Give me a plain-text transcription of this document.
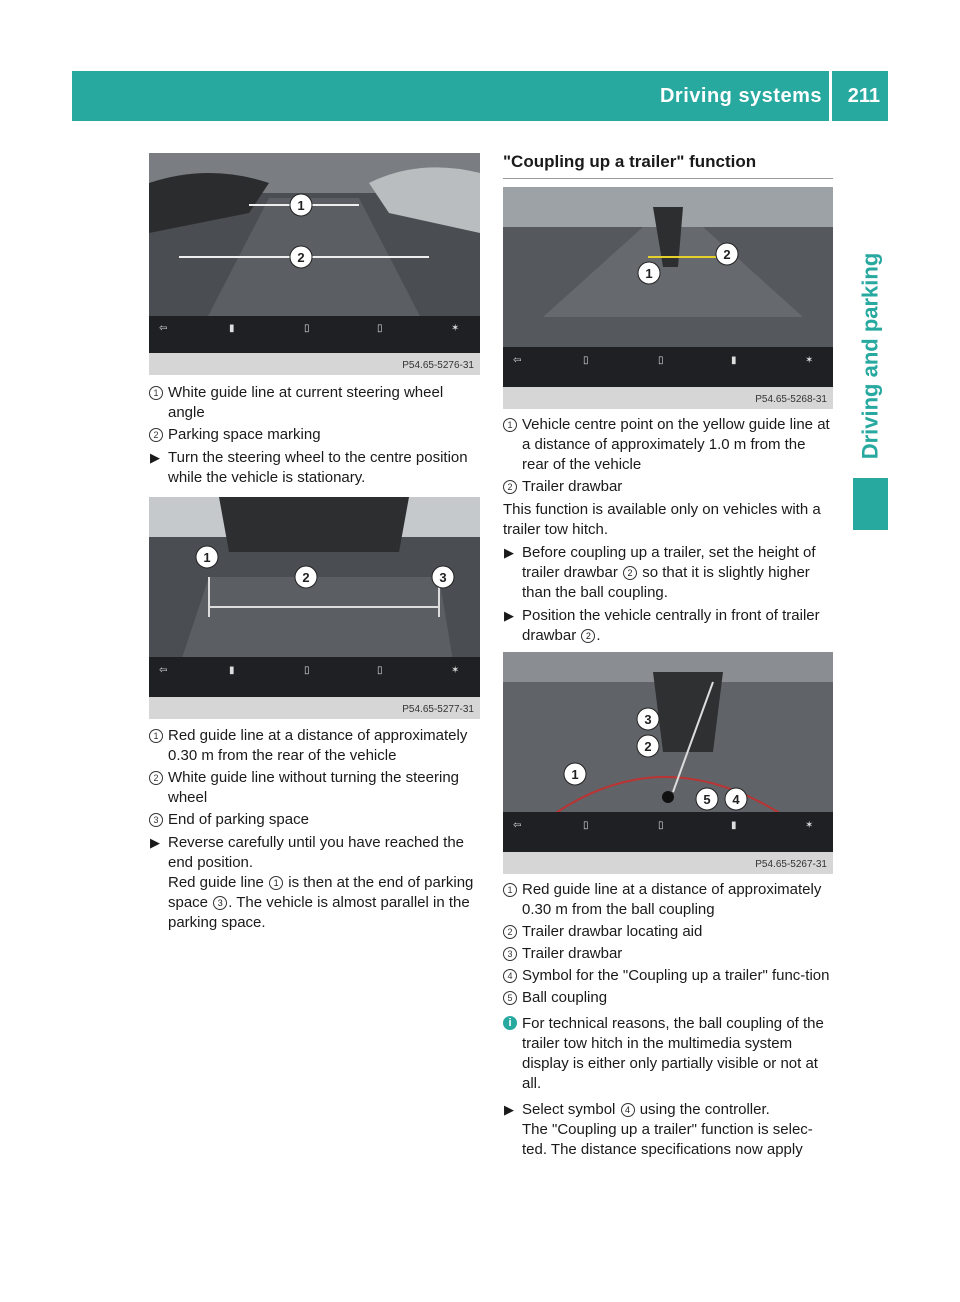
Driving systems 211
Driving and parking
1
2
⇦	▮	▯	▯	✶
P54.65-5276-31
1 White guide line at current steering wheel angle
2 Parking space marking
▶ Turn the steering wheel to the centre position while the vehicle is stationary.
1
2	3
⇦	▮	▯	▯	✶
P54.65-5277-31
1 Red guide line at a distance of approximately 0.30 m from the rear of the vehicle
2 White guide line without turning the steering wheel
3 End of parking space
▶ Reverse carefully until you have reached the end position.
Red guide line 1 is then at the end of parking space 3 . The vehicle is almost parallel in the parking space.
"Coupling up a trailer" function
1
2
⇦	▯	▯	▮	✶
P54.65-5268-31
1 Vehicle centre point on the yellow guide line at a distance of approximately 1.0 m from the rear of the vehicle
2 Trailer drawbar
This function is available only on vehicles with a trailer tow hitch.
▶ Before coupling up a trailer, set the height of trailer drawbar 2 so that it is slightly higher than the ball coupling.
▶ Position the vehicle centrally in front of trailer drawbar 2 .
3
2
1
5 4
⇦	▯	▯	▮	✶
P54.65-5267-31
1 Red guide line at a distance of approximately 0.30 m from the ball coupling
2 Trailer drawbar locating aid
3 Trailer drawbar
4 Symbol for the "Coupling up a trailer" func-tion
5 Ball coupling
i For technical reasons, the ball coupling of the trailer tow hitch in the multimedia system display is either only partially visible or not at all.
▶ Select symbol 4 using the controller.
The "Coupling up a trailer" function is selec-ted. The distance specifications now apply
